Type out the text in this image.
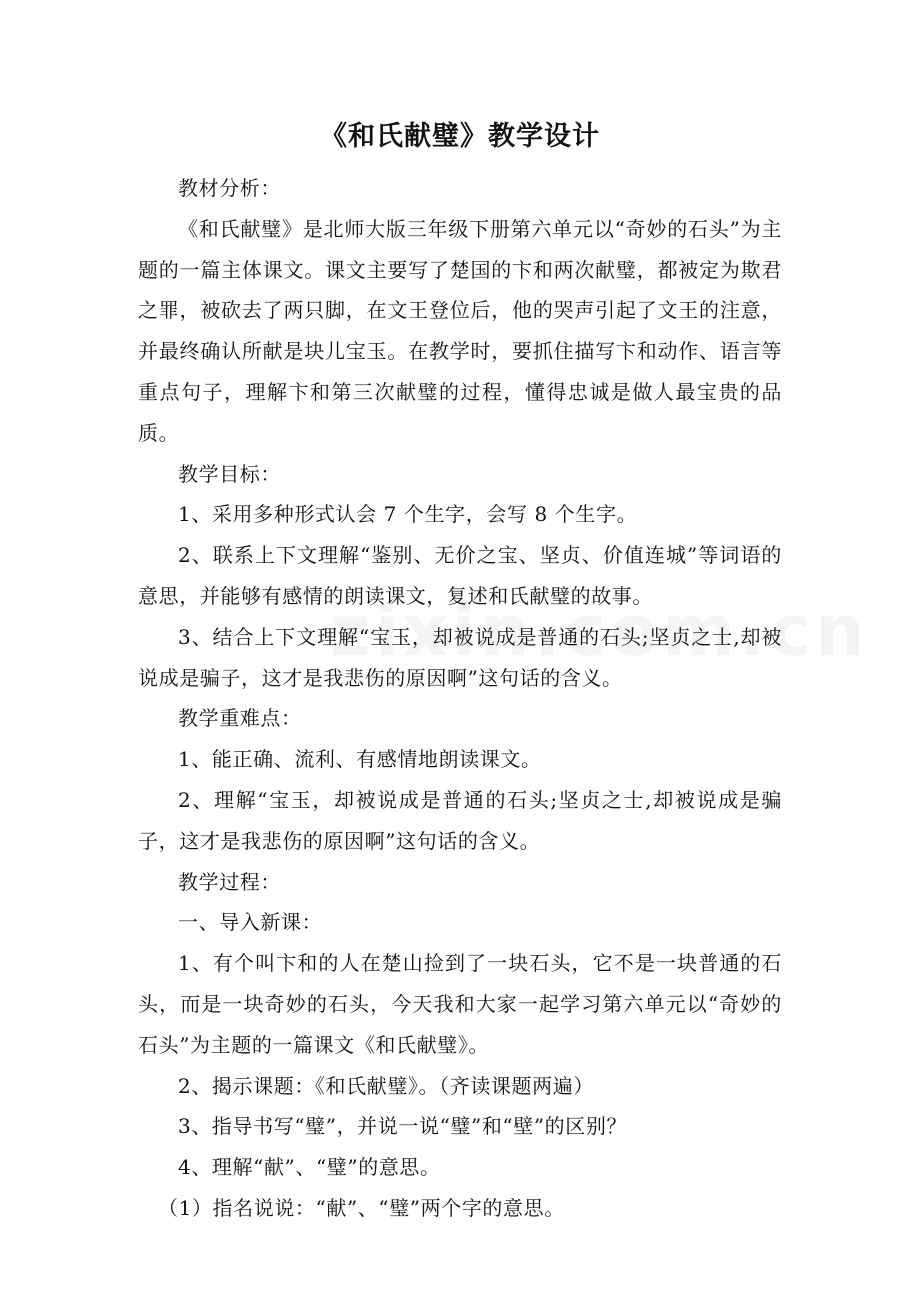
《和氏献璧》教学设计

教材分析：

《和氏献璧》是北师大版三年级下册第六单元以“奇妙的石头”为主题的一篇主体课文。课文主要写了楚国的卞和两次献璧，都被定为欺君之罪，被砍去了两只脚，在文王登位后，他的哭声引起了文王的注意，并最终确认所献是块儿宝玉。在教学时，要抓住描写卞和动作、语言等重点句子，理解卞和第三次献璧的过程，懂得忠诚是做人最宝贵的品质。

教学目标：

1、采用多种形式认会 7 个生字，会写 8 个生字。

2、联系上下文理解“鉴别、无价之宝、坚贞、价值连城”等词语的意思，并能够有感情的朗读课文，复述和氏献璧的故事。

3、结合上下文理解“宝玉，却被说成是普通的石头;坚贞之士,却被说成是骗子，这才是我悲伤的原因啊”这句话的含义。

教学重难点：

1、能正确、流利、有感情地朗读课文。

2、理解“宝玉，却被说成是普通的石头;坚贞之士,却被说成是骗子，这才是我悲伤的原因啊”这句话的含义。

教学过程：

一、导入新课：

1、有个叫卞和的人在楚山捡到了一块石头，它不是一块普通的石头，而是一块奇妙的石头，今天我和大家一起学习第六单元以“奇妙的石头”为主题的一篇课文《和氏献璧》。

2、揭示课题：《和氏献璧》。（齐读课题两遍）

3、指导书写“璧”，并说一说“璧”和“壁”的区别？

4、理解“献”、“璧”的意思。

（1）指名说说：“献”、“璧”两个字的意思。
